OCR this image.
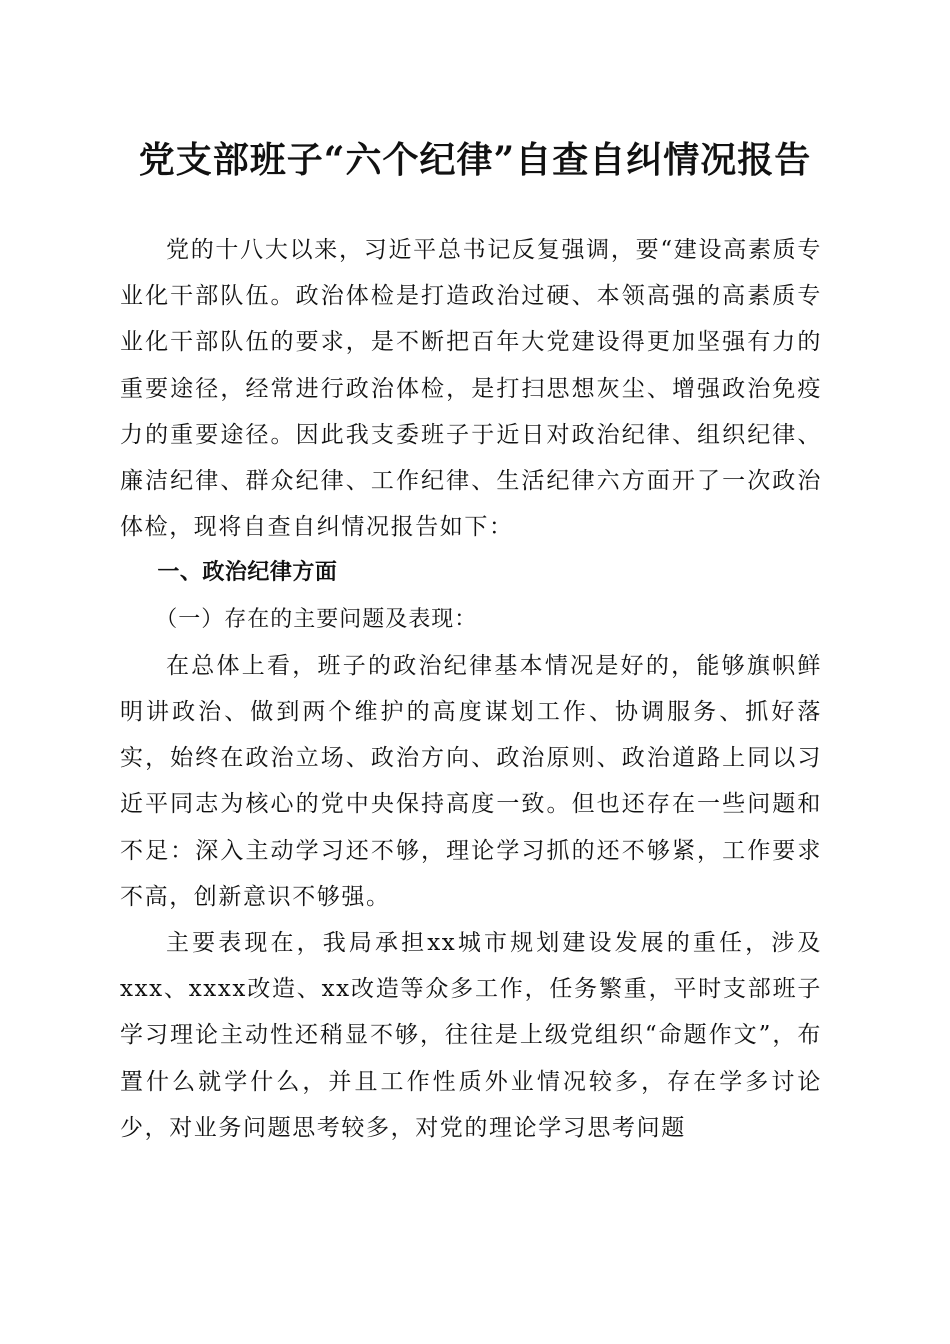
党支部班子“六个纪律”自查自纠情况报告

党的十八大以来，习近平总书记反复强调，要“建设高素质专业化干部队伍。政治体检是打造政治过硬、本领高强的高素质专业化干部队伍的要求，是不断把百年大党建设得更加坚强有力的重要途径，经常进行政治体检，是打扫思想灰尘、增强政治免疫力的重要途径。因此我支委班子于近日对政治纪律、组织纪律、廉洁纪律、群众纪律、工作纪律、生活纪律六方面开了一次政治体检，现将自查自纠情况报告如下：

一、政治纪律方面

（一）存在的主要问题及表现：

在总体上看，班子的政治纪律基本情况是好的，能够旗帜鲜明讲政治、做到两个维护的高度谋划工作、协调服务、抓好落实，始终在政治立场、政治方向、政治原则、政治道路上同以习近平同志为核心的党中央保持高度一致。但也还存在一些问题和不足：深入主动学习还不够，理论学习抓的还不够紧，工作要求不高，创新意识不够强。

主要表现在，我局承担xx城市规划建设发展的重任，涉及xxx、xxxx改造、xx改造等众多工作，任务繁重，平时支部班子学习理论主动性还稍显不够，往往是上级党组织“命题作文”，布置什么就学什么，并且工作性质外业情况较多，存在学多讨论少，对业务问题思考较多，对党的理论学习思考问题
